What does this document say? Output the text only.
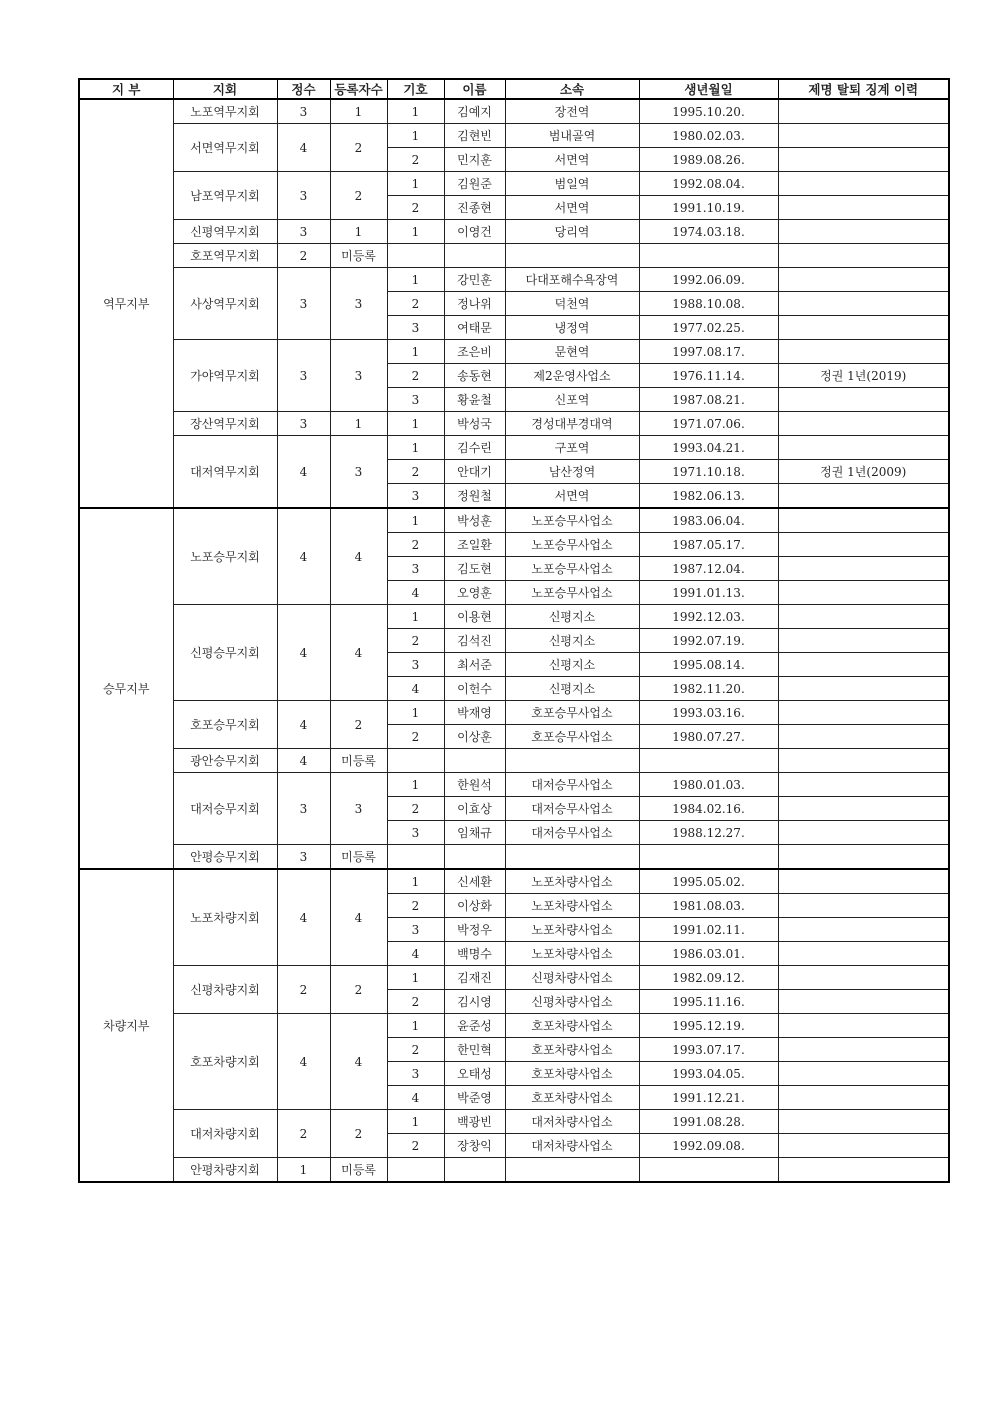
지 부	지회	정수	등록자수	기호	이름	소속	생년월일	제명 탈퇴 징계 이력
역무지부	노포역무지회	3	1	1	김예지	장전역	1995.10.20.	
	서면역무지회	4	2	1	김현빈	범내골역	1980.02.03.	
				2	민지훈	서면역	1989.08.26.	
	남포역무지회	3	2	1	김원준	범일역	1992.08.04.	
				2	진종현	서면역	1991.10.19.	
	신평역무지회	3	1	1	이영건	당리역	1974.03.18.	
	호포역무지회	2	미등록					
	사상역무지회	3	3	1	강민훈	다대포해수욕장역	1992.06.09.	
				2	정나위	덕천역	1988.10.08.	
				3	여태문	냉정역	1977.02.25.	
	가야역무지회	3	3	1	조은비	문현역	1997.08.17.	
				2	송동현	제2운영사업소	1976.11.14.	정권 1년(2019)
				3	황윤철	신포역	1987.08.21.	
	장산역무지회	3	1	1	박성국	경성대부경대역	1971.07.06.	
	대저역무지회	4	3	1	김수린	구포역	1993.04.21.	
				2	안대기	남산정역	1971.10.18.	정권 1년(2009)
				3	정원철	서면역	1982.06.13.	
승무지부	노포승무지회	4	4	1	박성훈	노포승무사업소	1983.06.04.	
				2	조일환	노포승무사업소	1987.05.17.	
				3	김도현	노포승무사업소	1987.12.04.	
				4	오영훈	노포승무사업소	1991.01.13.	
	신평승무지회	4	4	1	이용현	신평지소	1992.12.03.	
				2	김석진	신평지소	1992.07.19.	
				3	최서준	신평지소	1995.08.14.	
				4	이헌수	신평지소	1982.11.20.	
	호포승무지회	4	2	1	박재영	호포승무사업소	1993.03.16.	
				2	이상훈	호포승무사업소	1980.07.27.	
	광안승무지회	4	미등록					
	대저승무지회	3	3	1	한원석	대저승무사업소	1980.01.03.	
				2	이효상	대저승무사업소	1984.02.16.	
				3	임채규	대저승무사업소	1988.12.27.	
	안평승무지회	3	미등록					
차량지부	노포차량지회	4	4	1	신세환	노포차량사업소	1995.05.02.	
				2	이상화	노포차량사업소	1981.08.03.	
				3	박정우	노포차량사업소	1991.02.11.	
				4	백명수	노포차량사업소	1986.03.01.	
	신평차량지회	2	2	1	김재진	신평차량사업소	1982.09.12.	
				2	김시영	신평차량사업소	1995.11.16.	
	호포차량지회	4	4	1	윤준성	호포차량사업소	1995.12.19.	
				2	한민혁	호포차량사업소	1993.07.17.	
				3	오태성	호포차량사업소	1993.04.05.	
				4	박준영	호포차량사업소	1991.12.21.	
	대저차량지회	2	2	1	백광빈	대저차량사업소	1991.08.28.	
				2	장창익	대저차량사업소	1992.09.08.	
	안평차량지회	1	미등록					
